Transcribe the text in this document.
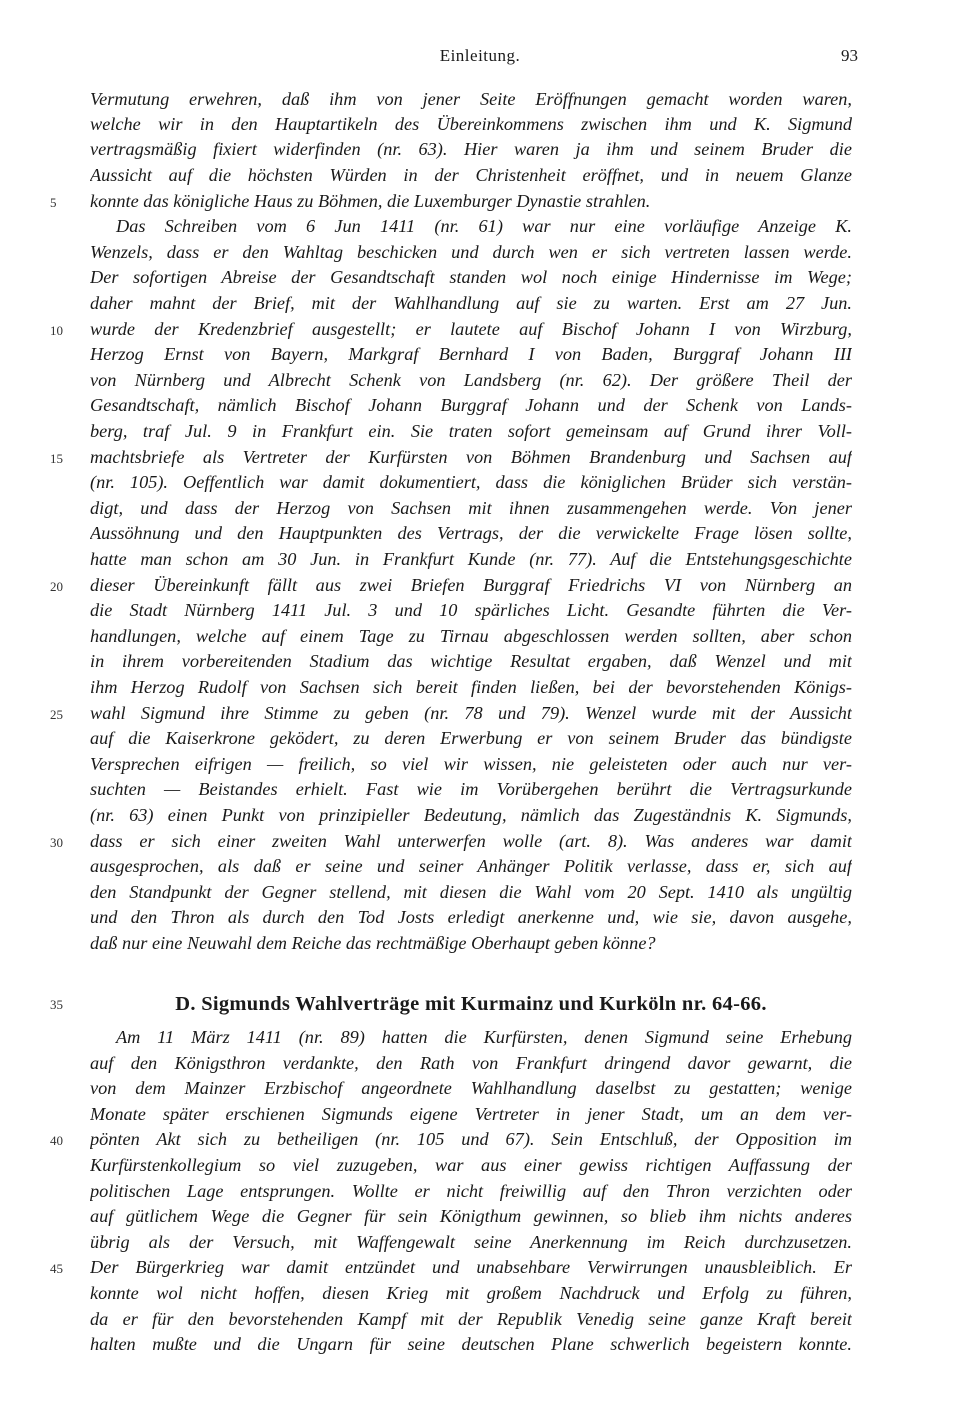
Einleitung.	93
Vermutung erwehren, daß ihm von jener Seite Eröffnungen gemacht worden waren,
welche wir in den Hauptartikeln des Übereinkommens zwischen ihm und K. Sigmund
vertragsmäßig fixiert widerfinden (nr. 63). Hier waren ja ihm und seinem Bruder die
Aussicht auf die höchsten Würden in der Christenheit eröffnet, und in neuem Glanze
konnte das königliche Haus zu Böhmen, die Luxemburger Dynastie strahlen.
Das Schreiben vom 6 Jun 1411 (nr. 61) war nur eine vorläufige Anzeige K.
Wenzels, dass er den Wahltag beschicken und durch wen er sich vertreten lassen werde.
Der sofortigen Abreise der Gesandtschaft standen wol noch einige Hindernisse im Wege;
daher mahnt der Brief, mit der Wahlhandlung auf sie zu warten. Erst am 27 Jun.
wurde der Kredenzbrief ausgestellt; er lautete auf Bischof Johann I von Wirzburg,
Herzog Ernst von Bayern, Markgraf Bernhard I von Baden, Burggraf Johann III
von Nürnberg und Albrecht Schenk von Landsberg (nr. 62). Der größere Theil der
Gesandtschaft, nämlich Bischof Johann Burggraf Johann und der Schenk von Lands-
berg, traf Jul. 9 in Frankfurt ein. Sie traten sofort gemeinsam auf Grund ihrer Voll-
machtsbriefe als Vertreter der Kurfürsten von Böhmen Brandenburg und Sachsen auf
(nr. 105). Oeffentlich war damit dokumentiert, dass die königlichen Brüder sich verstän-
digt, und dass der Herzog von Sachsen mit ihnen zusammengehen werde. Von jener
Aussöhnung und den Hauptpunkten des Vertrags, der die verwickelte Frage lösen sollte,
hatte man schon am 30 Jun. in Frankfurt Kunde (nr. 77). Auf die Entstehungsgeschichte
dieser Übereinkunft fällt aus zwei Briefen Burggraf Friedrichs VI von Nürnberg an
die Stadt Nürnberg 1411 Jul. 3 und 10 spärliches Licht. Gesandte führten die Ver-
handlungen, welche auf einem Tage zu Tirnau abgeschlossen werden sollten, aber schon
in ihrem vorbereitenden Stadium das wichtige Resultat ergaben, daß Wenzel und mit
ihm Herzog Rudolf von Sachsen sich bereit finden ließen, bei der bevorstehenden Königs-
wahl Sigmund ihre Stimme zu geben (nr. 78 und 79). Wenzel wurde mit der Aussicht
auf die Kaiserkrone geködert, zu deren Erwerbung er von seinem Bruder das bündigste
Versprechen eifrigen — freilich, so viel wir wissen, nie geleisteten oder auch nur ver-
suchten — Beistandes erhielt. Fast wie im Vorübergehen berührt die Vertragsurkunde
(nr. 63) einen Punkt von prinzipieller Bedeutung, nämlich das Zugeständnis K. Sigmunds,
dass er sich einer zweiten Wahl unterwerfen wolle (art. 8). Was anderes war damit
ausgesprochen, als daß er seine und seiner Anhänger Politik verlasse, dass er, sich auf
den Standpunkt der Gegner stellend, mit diesen die Wahl vom 20 Sept. 1410 als ungültig
und den Thron als durch den Tod Josts erledigt anerkenne und, wie sie, davon ausgehe,
daß nur eine Neuwahl dem Reiche das rechtmäßige Oberhaupt geben könne?
D. Sigmunds Wahlverträge mit Kurmainz und Kurköln nr. 64-66.
Am 11 März 1411 (nr. 89) hatten die Kurfürsten, denen Sigmund seine Erhebung
auf den Königsthron verdankte, den Rath von Frankfurt dringend davor gewarnt, die
von dem Mainzer Erzbischof angeordnete Wahlhandlung daselbst zu gestatten; wenige
Monate später erschienen Sigmunds eigene Vertreter in jener Stadt, um an dem ver-
pönten Akt sich zu betheiligen (nr. 105 und 67). Sein Entschluß, der Opposition im
Kurfürstenkollegium so viel zuzugeben, war aus einer gewiss richtigen Auffassung der
politischen Lage entsprungen. Wollte er nicht freiwillig auf den Thron verzichten oder
auf gütlichem Wege die Gegner für sein Königthum gewinnen, so blieb ihm nichts anderes
übrig als der Versuch, mit Waffengewalt seine Anerkennung im Reich durchzusetzen.
Der Bürgerkrieg war damit entzündet und unabsehbare Verwirrungen unausbleiblich. Er
konnte wol nicht hoffen, diesen Krieg mit großem Nachdruck und Erfolg zu führen,
da er für den bevorstehenden Kampf mit der Republik Venedig seine ganze Kraft bereit
halten mußte und die Ungarn für seine deutschen Plane schwerlich begeistern konnte.
5
10
15
20
25
30
35
40
45
